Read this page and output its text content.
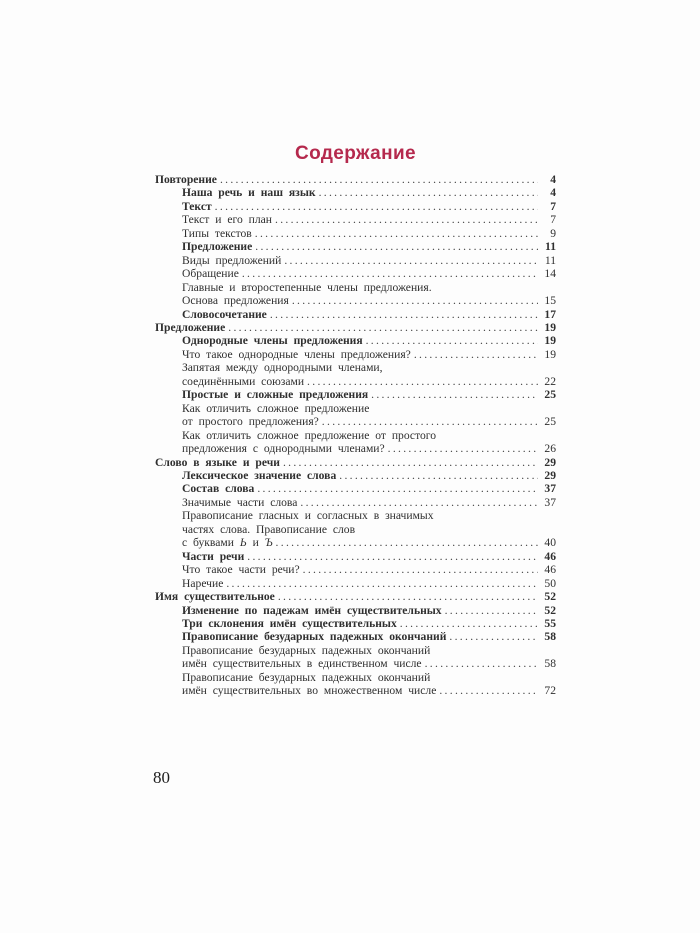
Содержание
Повторение .....	4
Наша речь и наш язык .....	4
Текст .....	7
Текст и его план .....	7
Типы текстов .....	9
Предложение .....	11
Виды предложений .....	11
Обращение .....	14
Главные и второстепенные члены предложения.
Основа предложения .....	15
Словосочетание .....	17
Предложение .....	19
Однородные члены предложения .....	19
Что такое однородные члены предложения? .....	19
Запятая между однородными членами,
соединёнными союзами .....	22
Простые и сложные предложения .....	25
Как отличить сложное предложение
от простого предложения? .....	25
Как отличить сложное предложение от простого
предложения с однородными членами? .....	26
Слово в языке и речи .....	29
Лексическое значение слова .....	29
Состав слова .....	37
Значимые части слова .....	37
Правописание гласных и согласных в значимых
частях слова. Правописание слов
с буквами Ь и Ъ .....	40
Части речи .....	46
Что такое части речи? .....	46
Наречие .....	50
Имя существительное .....	52
Изменение по падежам имён существительных .....	52
Три склонения имён существительных .....	55
Правописание безударных падежных окончаний .....	58
Правописание безударных падежных окончаний
имён существительных в единственном числе .....	58
Правописание безударных падежных окончаний
имён существительных во множественном числе .....	72
80
